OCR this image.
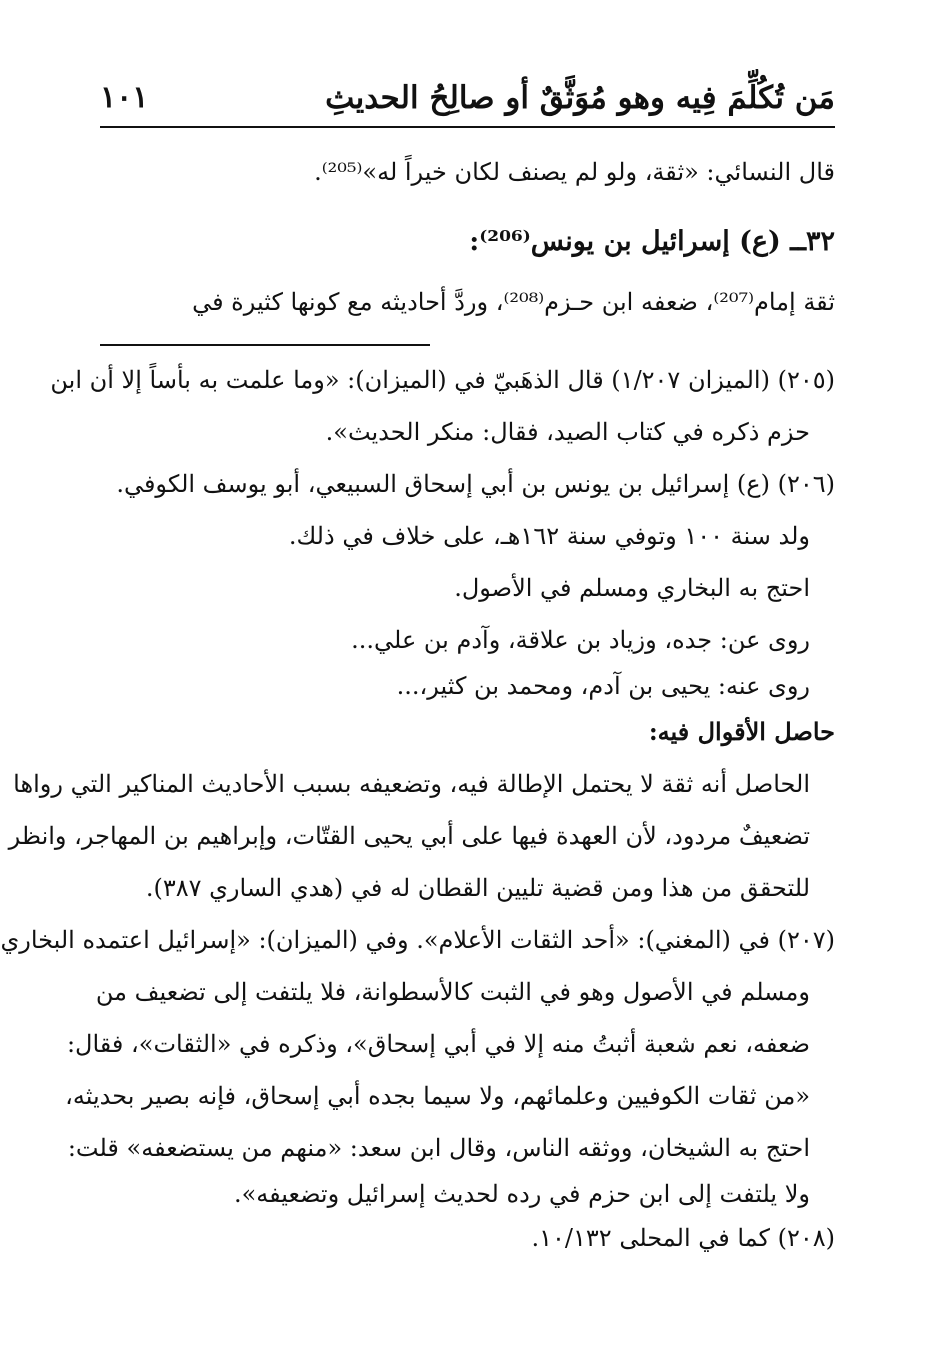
مَن تُكُلِّمَ فِيه وهو مُوَثَّقٌ أو صالِحُ الحديثِ
١٠١
قال النسائي: «ثقة، ولو لم يصنف لكان خيراً له»⁽²⁰⁵⁾.
٣٢ــ (ع) إسرائيل بن يونس⁽²⁰⁶⁾:
ثقة إمام⁽²⁰⁷⁾، ضعفه ابن حـزم⁽²⁰⁸⁾، وردَّ أحاديثه مع كونها كثيرة في
(٢٠٥) (الميزان ١/٢٠٧) قال الذهَبيّ في (الميزان): «وما علمت به بأساً إلا أن ابن
حزم ذكره في كتاب الصيد، فقال: منكر الحديث».
(٢٠٦) (ع) إسرائيل بن يونس بن أبي إسحاق السبيعي، أبو يوسف الكوفي.
ولد سنة ١٠٠ وتوفي سنة ١٦٢هـ، على خلاف في ذلك.
احتج به البخاري ومسلم في الأصول.
روى عن: جده، وزياد بن علاقة، وآدم بن علي...
روى عنه: يحيى بن آدم، ومحمد بن كثير،...
حاصل الأقوال فيه:
الحاصل أنه ثقة لا يحتمل الإطالة فيه، وتضعيفه بسبب الأحاديث المناكير التي رواها
تضعيفٌ مردود، لأن العهدة فيها على أبي يحيى القتّات، وإبراهيم بن المهاجر، وانظر
للتحقق من هذا ومن قضية تليين القطان له في (هدي الساري ٣٨٧).
(٢٠٧) في (المغني): «أحد الثقات الأعلام». وفي (الميزان): «إسرائيل اعتمده البخاري
ومسلم في الأصول وهو في الثبت كالأسطوانة، فلا يلتفت إلى تضعيف من
ضعفه، نعم شعبة أثبتُ منه إلا في أبي إسحاق»، وذكره في «الثقات»، فقال:
«من ثقات الكوفيين وعلمائهم، ولا سيما بجده أبي إسحاق، فإنه بصير بحديثه،
احتج به الشيخان، ووثقه الناس، وقال ابن سعد: «منهم من يستضعفه» قلت:
ولا يلتفت إلى ابن حزم في رده لحديث إسرائيل وتضعيفه».
(٢٠٨) كما في المحلى ١٠/١٣٢.
